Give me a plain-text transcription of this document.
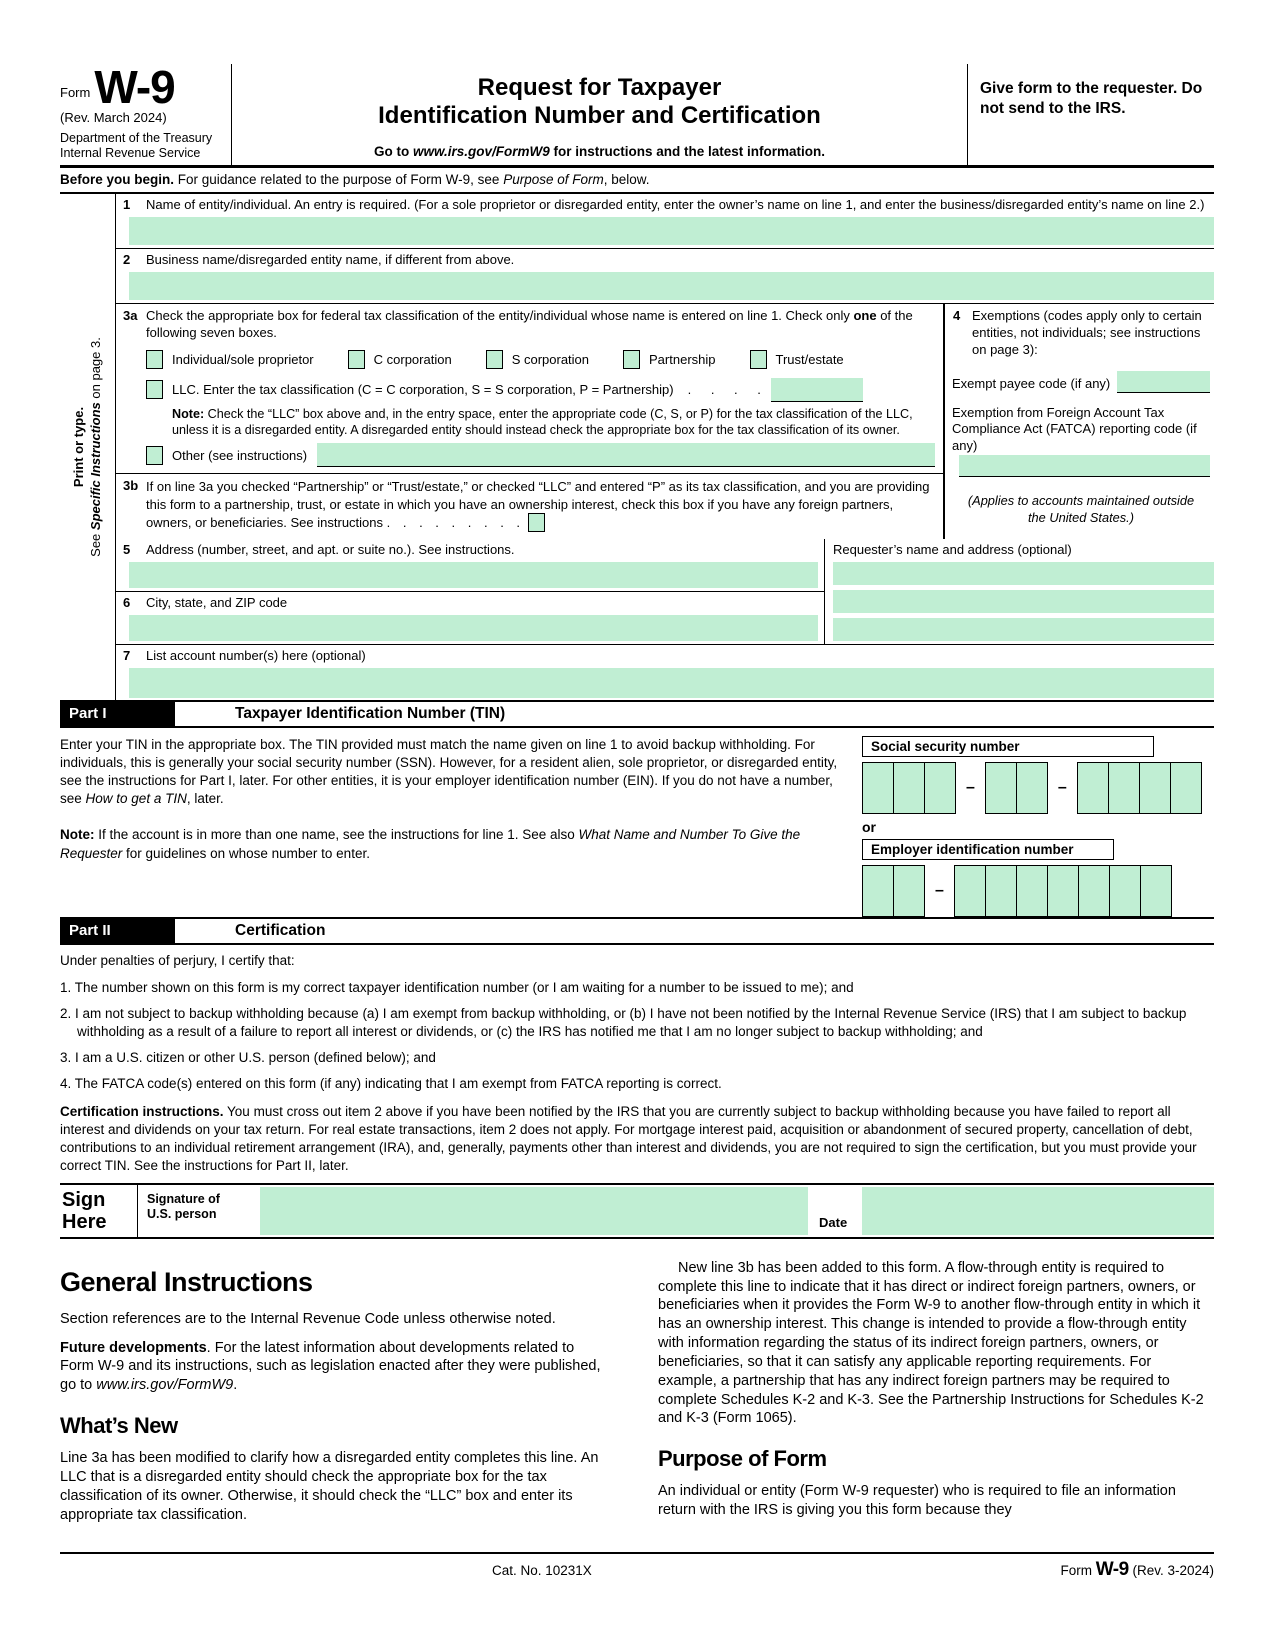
FormW-9
(Rev. March 2024)
Department of the Treasury
Internal Revenue Service
Request for Taxpayer
Identification Number and Certification
Go to www.irs.gov/FormW9 for instructions and the latest information.
Give form to the requester. Do not send to the IRS.
Before you begin. For guidance related to the purpose of Form W-9, see Purpose of Form, below.
Print or type.
See Specific Instructions on page 3.
1	Name of entity/individual. An entry is required. (For a sole proprietor or disregarded entity, enter the owner’s name on line 1, and enter the business/disregarded entity’s name on line 2.)
2	Business name/disregarded entity name, if different from above.
3a Check the appropriate box for federal tax classification of the entity/individual whose name is entered on line 1. Check only one of the following seven boxes.
Individual/sole proprietor	C corporation	S corporation	Partnership	Trust/estate
LLC. Enter the tax classification (C = C corporation, S = S corporation, P = Partnership) . . . .
Note: Check the “LLC” box above and, in the entry space, enter the appropriate code (C, S, or P) for the tax classification of the LLC, unless it is a disregarded entity. A disregarded entity should instead check the appropriate box for the tax classification of its owner.
Other (see instructions)
3b If on line 3a you checked “Partnership” or “Trust/estate,” or checked “LLC” and entered “P” as its tax classification, and you are providing this form to a partnership, trust, or estate in which you have an ownership interest, check this box if you have any foreign partners, owners, or beneficiaries. See instructions . . . . . . . . .
4 Exemptions (codes apply only to certain entities, not individuals; see instructions on page 3):
Exempt payee code (if any)
Exemption from Foreign Account Tax Compliance Act (FATCA) reporting code (if any)
(Applies to accounts maintained outside the United States.)
5	Address (number, street, and apt. or suite no.). See instructions.
6	City, state, and ZIP code
Requester’s name and address (optional)
7	List account number(s) here (optional)
Part I	Taxpayer Identification Number (TIN)

Enter your TIN in the appropriate box. The TIN provided must match the name given on line 1 to avoid backup withholding. For individuals, this is generally your social security number (SSN). However, for a resident alien, sole proprietor, or disregarded entity, see the instructions for Part I, later. For other entities, it is your employer identification number (EIN). If you do not have a number, see How to get a TIN, later.

Note: If the account is in more than one name, see the instructions for line 1. See also What Name and Number To Give the Requester for guidelines on whose number to enter.

Social security number
–	–
or
Employer identification number
–
Part II	Certification
Under penalties of perjury, I certify that:
1. The number shown on this form is my correct taxpayer identification number (or I am waiting for a number to be issued to me); and
2. I am not subject to backup withholding because (a) I am exempt from backup withholding, or (b) I have not been notified by the Internal Revenue Service (IRS) that I am subject to backup withholding as a result of a failure to report all interest or dividends, or (c) the IRS has notified me that I am no longer subject to backup withholding; and
3. I am a U.S. citizen or other U.S. person (defined below); and
4. The FATCA code(s) entered on this form (if any) indicating that I am exempt from FATCA reporting is correct.
Certification instructions. You must cross out item 2 above if you have been notified by the IRS that you are currently subject to backup withholding because you have failed to report all interest and dividends on your tax return. For real estate transactions, item 2 does not apply. For mortgage interest paid, acquisition or abandonment of secured property, cancellation of debt, contributions to an individual retirement arrangement (IRA), and, generally, payments other than interest and dividends, you are not required to sign the certification, but you must provide your correct TIN. See the instructions for Part II, later.
Sign
Here
Signature of
U.S. person
Date
General Instructions

Section references are to the Internal Revenue Code unless otherwise noted.

Future developments. For the latest information about developments related to Form W-9 and its instructions, such as legislation enacted after they were published, go to www.irs.gov/FormW9.

What’s New

Line 3a has been modified to clarify how a disregarded entity completes this line. An LLC that is a disregarded entity should check the appropriate box for the tax classification of its owner. Otherwise, it should check the “LLC” box and enter its appropriate tax classification.

New line 3b has been added to this form. A flow-through entity is required to complete this line to indicate that it has direct or indirect foreign partners, owners, or beneficiaries when it provides the Form W-9 to another flow-through entity in which it has an ownership interest. This change is intended to provide a flow-through entity with information regarding the status of its indirect foreign partners, owners, or beneficiaries, so that it can satisfy any applicable reporting requirements. For example, a partnership that has any indirect foreign partners may be required to complete Schedules K-2 and K-3. See the Partnership Instructions for Schedules K-2 and K-3 (Form 1065).

Purpose of Form

An individual or entity (Form W-9 requester) who is required to file an information return with the IRS is giving you this form because they

Cat. No. 10231X	Form W-9 (Rev. 3-2024)
